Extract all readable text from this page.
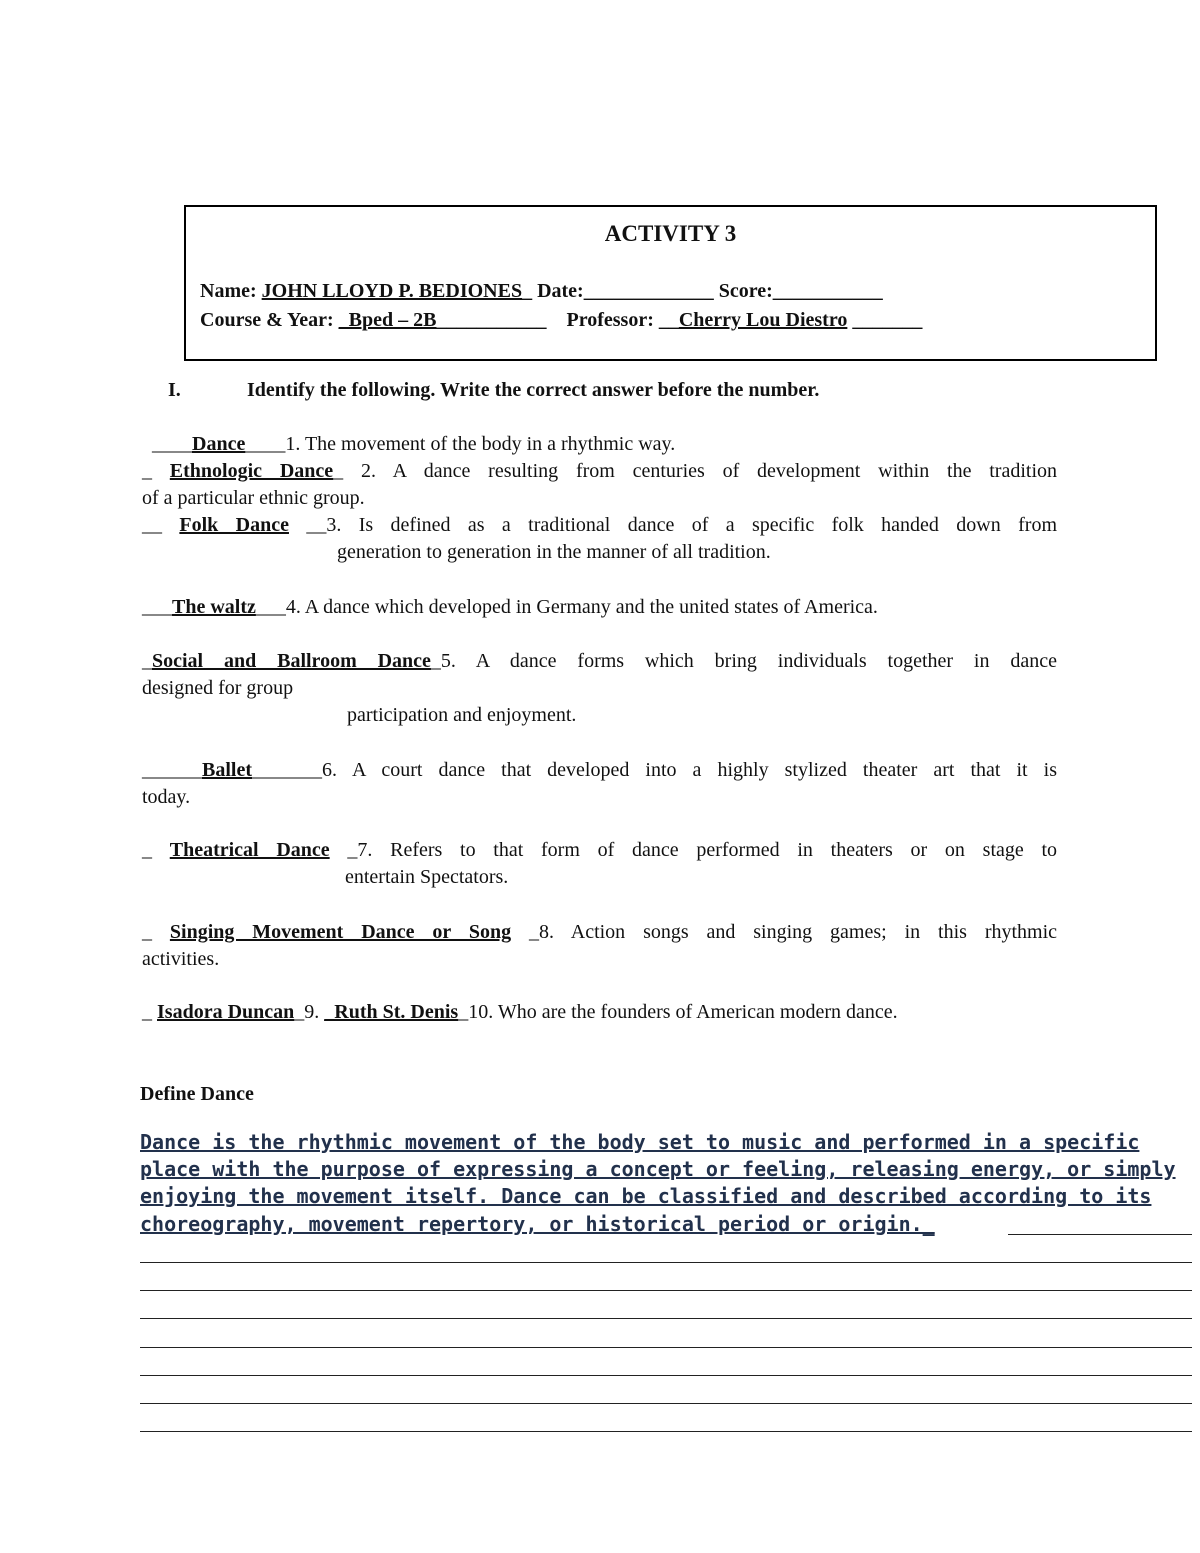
ACTIVITY 3
Name: JOHN LLOYD P. BEDIONES_ Date:_____________ Score:___________
Course & Year: _Bped – 2B___________ Professor: __Cherry Lou Diestro _______
I.	Identify the following. Write the correct answer before the number.
____Dance____1. The movement of the body in a rhythmic way.
_ Ethnologic Dance_ 2. A dance resulting from centuries of development within the tradition
of a particular ethnic group.
__ Folk Dance __3. Is defined as a traditional dance of a specific folk handed down from
generation to generation in the manner of all tradition.
___The waltz___4. A dance which developed in Germany and the united states of America.
_Social and Ballroom Dance_5. A dance forms which bring individuals together in dance
designed for group
participation and enjoyment.
______Ballet_______6. A court dance that developed into a highly stylized theater art that it is
today.
_ Theatrical Dance _7. Refers to that form of dance performed in theaters or on stage to
entertain Spectators.
_ Singing Movement Dance or Song _8. Action songs and singing games; in this rhythmic
activities.
_ Isadora Duncan_9. _Ruth St. Denis_10. Who are the founders of American modern dance.
Define Dance
Dance is the rhythmic movement of the body set to music and performed in a specific
place with the purpose of expressing a concept or feeling, releasing energy, or simply
enjoying the movement itself. Dance can be classified and described according to its
choreography, movement repertory, or historical period or origin._
